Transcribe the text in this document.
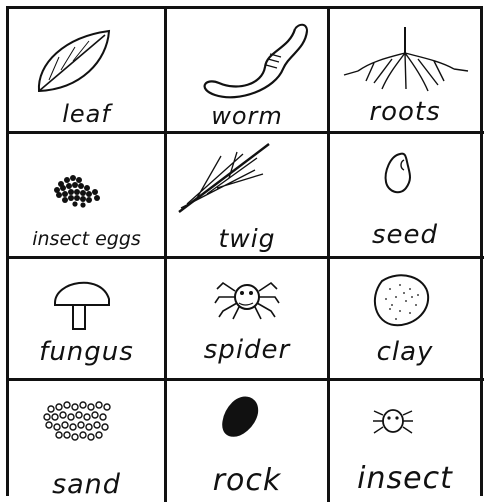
leaf	worm	roots
insect eggs	twig	seed
fungus	spider	clay
sand	rock	insect
